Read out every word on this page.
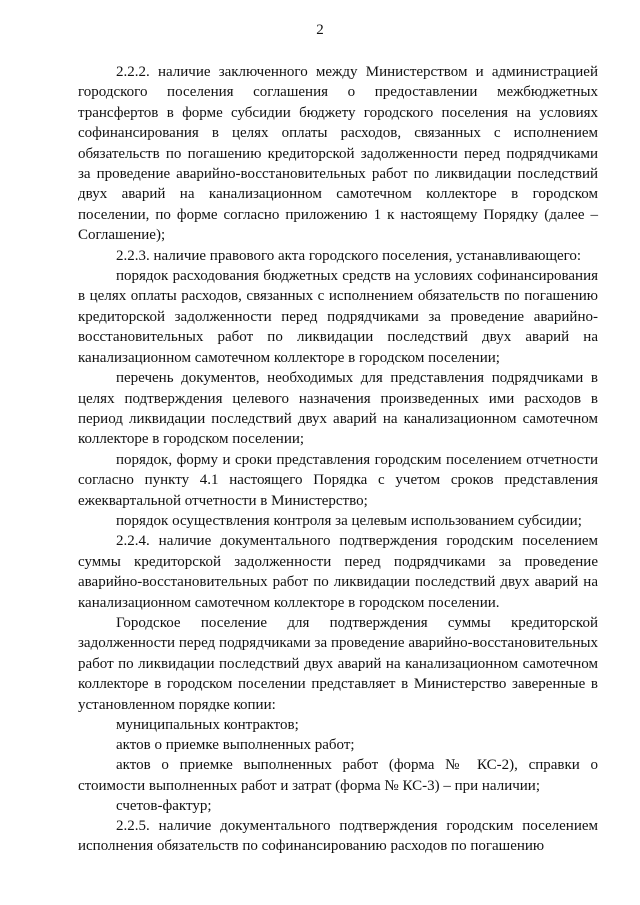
2

2.2.2. наличие заключенного между Министерством и администрацией городского поселения соглашения о предоставлении межбюджетных трансфертов в форме субсидии бюджету городского поселения на условиях софинансирования в целях оплаты расходов, связанных с исполнением обязательств по погашению кредиторской задолженности перед подрядчиками за проведение аварийно-восстановительных работ по ликвидации последствий двух аварий на канализационном самотечном коллекторе в городском поселении, по форме согласно приложению 1 к настоящему Порядку (далее – Соглашение);

2.2.3. наличие правового акта городского поселения, устанавливающего:

порядок расходования бюджетных средств на условиях софинансирования в целях оплаты расходов, связанных с исполнением обязательств по погашению кредиторской задолженности перед подрядчиками за проведение аварийно-восстановительных работ по ликвидации последствий двух аварий на канализационном самотечном коллекторе в городском поселении;

перечень документов, необходимых для представления подрядчиками в целях подтверждения целевого назначения произведенных ими расходов в период ликвидации последствий двух аварий на канализационном самотечном коллекторе в городском поселении;

порядок, форму и сроки представления городским поселением отчетности согласно пункту 4.1 настоящего Порядка с учетом сроков представления ежеквартальной отчетности в Министерство;

порядок осуществления контроля за целевым использованием субсидии;

2.2.4. наличие документального подтверждения городским поселением суммы кредиторской задолженности перед подрядчиками за проведение аварийно-восстановительных работ по ликвидации последствий двух аварий на канализационном самотечном коллекторе в городском поселении.

Городское поселение для подтверждения суммы кредиторской задолженности перед подрядчиками за проведение аварийно-восстановительных работ по ликвидации последствий двух аварий на канализационном самотечном коллекторе в городском поселении представляет в Министерство заверенные в установленном порядке копии:

муниципальных контрактов;

актов о приемке выполненных работ;

актов о приемке выполненных работ (форма № КС-2), справки о стоимости выполненных работ и затрат (форма № КС-3) – при наличии;

счетов-фактур;

2.2.5. наличие документального подтверждения городским поселением исполнения обязательств по софинансированию расходов по погашению
